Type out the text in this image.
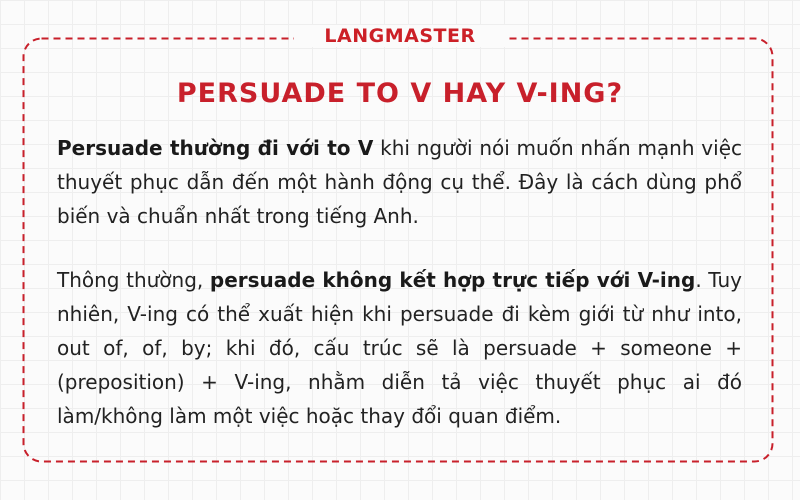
LANGMASTER
PERSUADE TO V HAY V-ING?
Persuade thường đi với to V khi người nói muốn nhấn mạnh việc thuyết phục dẫn đến một hành động cụ thể. Đây là cách dùng phổ biến và chuẩn nhất trong tiếng Anh.
Thông thường, persuade không kết hợp trực tiếp với V-ing. Tuy nhiên, V-ing có thể xuất hiện khi persuade đi kèm giới từ như into, out of, of, by; khi đó, cấu trúc sẽ là persuade + someone + (preposition) + V-ing, nhằm diễn tả việc thuyết phục ai đó làm/không làm một việc hoặc thay đổi quan điểm.
